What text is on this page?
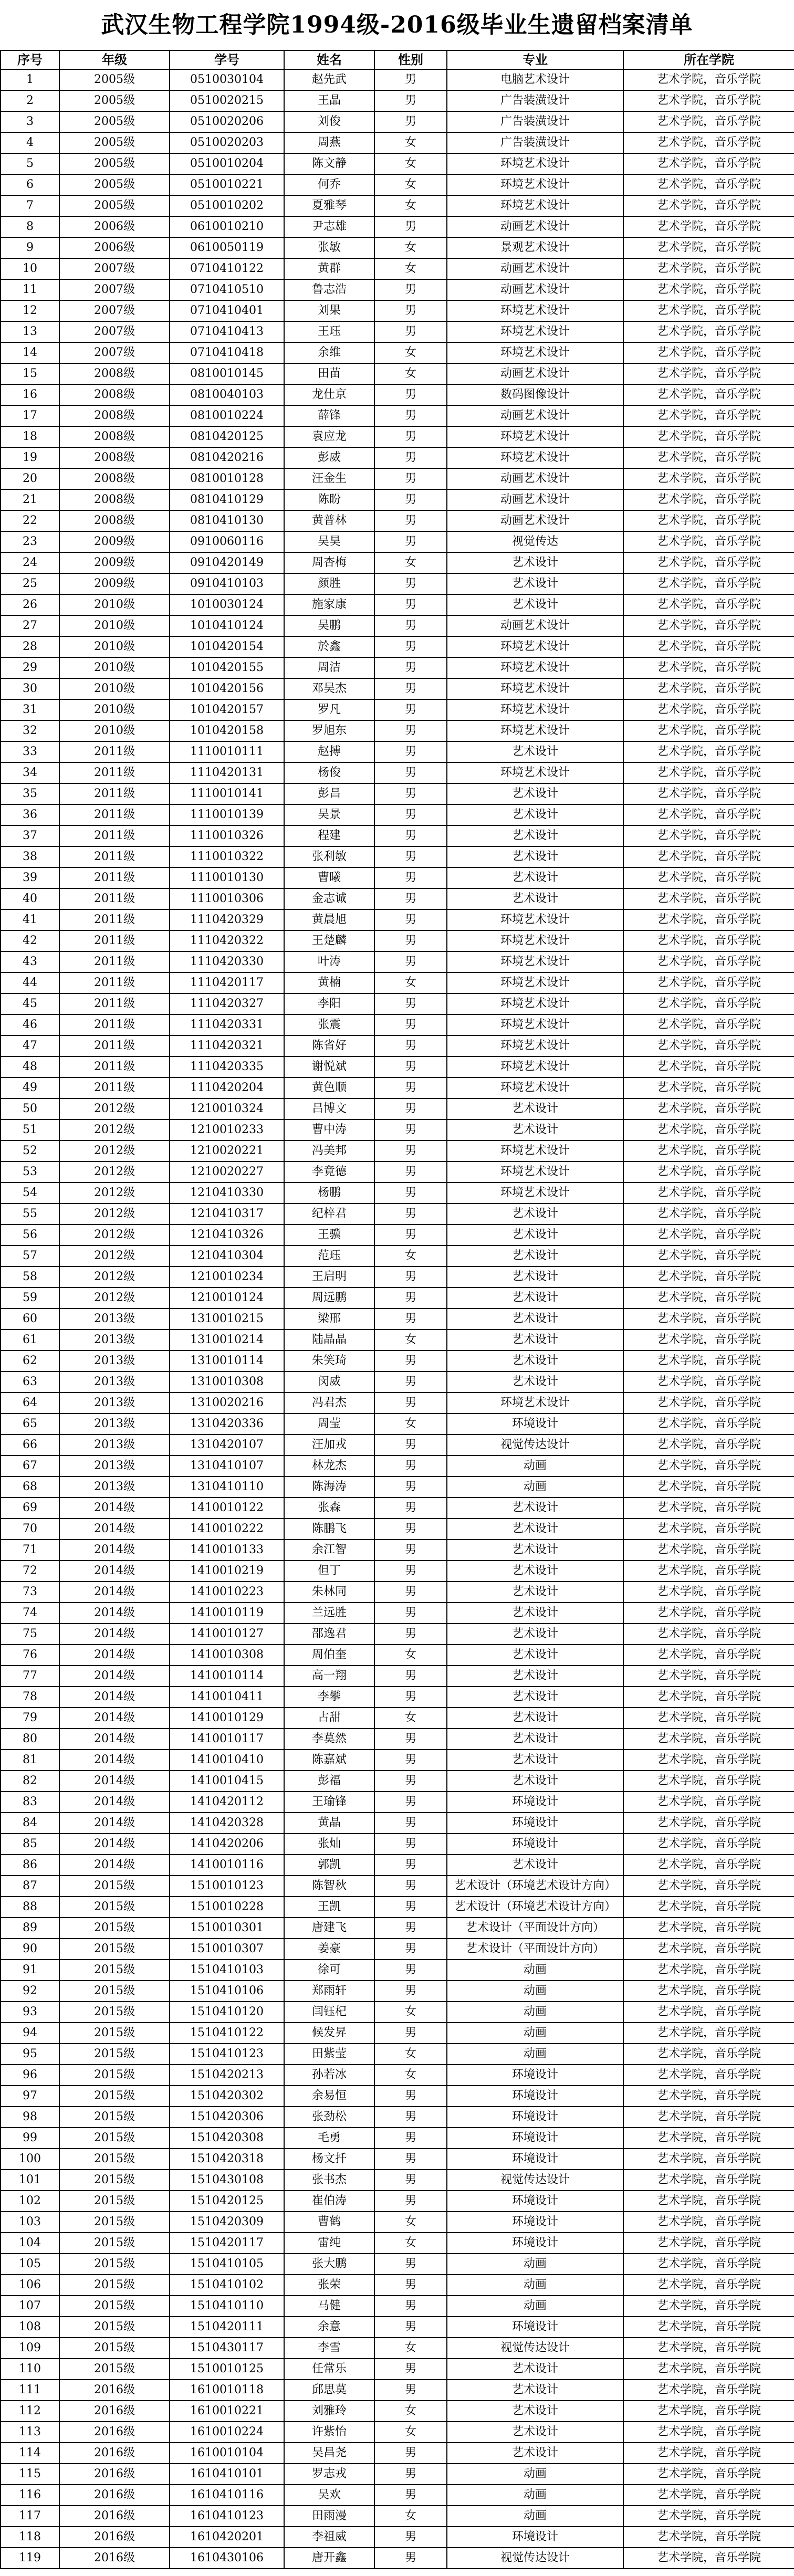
武汉生物工程学院1994级-2016级毕业生遗留档案清单
序号	年级	学号	姓名	性别	专业	所在学院
1	2005级	0510030104	赵先武	男	电脑艺术设计	艺术学院，音乐学院
2	2005级	0510020215	王晶	男	广告装潢设计	艺术学院，音乐学院
3	2005级	0510020206	刘俊	男	广告装潢设计	艺术学院，音乐学院
4	2005级	0510020203	周燕	女	广告装潢设计	艺术学院，音乐学院
5	2005级	0510010204	陈文静	女	环境艺术设计	艺术学院，音乐学院
6	2005级	0510010221	何乔	女	环境艺术设计	艺术学院，音乐学院
7	2005级	0510010202	夏雅琴	女	环境艺术设计	艺术学院，音乐学院
8	2006级	0610010210	尹志雄	男	动画艺术设计	艺术学院，音乐学院
9	2006级	0610050119	张敏	女	景观艺术设计	艺术学院，音乐学院
10	2007级	0710410122	黄群	女	动画艺术设计	艺术学院，音乐学院
11	2007级	0710410510	鲁志浩	男	动画艺术设计	艺术学院，音乐学院
12	2007级	0710410401	刘果	男	环境艺术设计	艺术学院，音乐学院
13	2007级	0710410413	王珏	男	环境艺术设计	艺术学院，音乐学院
14	2007级	0710410418	余维	女	环境艺术设计	艺术学院，音乐学院
15	2008级	0810010145	田苗	女	动画艺术设计	艺术学院，音乐学院
16	2008级	0810040103	龙仕京	男	数码图像设计	艺术学院，音乐学院
17	2008级	0810010224	薛锋	男	动画艺术设计	艺术学院，音乐学院
18	2008级	0810420125	袁应龙	男	环境艺术设计	艺术学院，音乐学院
19	2008级	0810420216	彭威	男	环境艺术设计	艺术学院，音乐学院
20	2008级	0810010128	汪金生	男	动画艺术设计	艺术学院，音乐学院
21	2008级	0810410129	陈盼	男	动画艺术设计	艺术学院，音乐学院
22	2008级	0810410130	黄普林	男	动画艺术设计	艺术学院，音乐学院
23	2009级	0910060116	吴昊	男	视觉传达	艺术学院，音乐学院
24	2009级	0910420149	周杏梅	女	艺术设计	艺术学院，音乐学院
25	2009级	0910410103	颜胜	男	艺术设计	艺术学院，音乐学院
26	2010级	1010030124	施家康	男	艺术设计	艺术学院，音乐学院
27	2010级	1010410124	吴鹏	男	动画艺术设计	艺术学院，音乐学院
28	2010级	1010420154	於鑫	男	环境艺术设计	艺术学院，音乐学院
29	2010级	1010420155	周洁	男	环境艺术设计	艺术学院，音乐学院
30	2010级	1010420156	邓吴杰	男	环境艺术设计	艺术学院，音乐学院
31	2010级	1010420157	罗凡	男	环境艺术设计	艺术学院，音乐学院
32	2010级	1010420158	罗旭东	男	环境艺术设计	艺术学院，音乐学院
33	2011级	1110010111	赵搏	男	艺术设计	艺术学院，音乐学院
34	2011级	1110420131	杨俊	男	环境艺术设计	艺术学院，音乐学院
35	2011级	1110010141	彭昌	男	艺术设计	艺术学院，音乐学院
36	2011级	1110010139	吴景	男	艺术设计	艺术学院，音乐学院
37	2011级	1110010326	程建	男	艺术设计	艺术学院，音乐学院
38	2011级	1110010322	张利敏	男	艺术设计	艺术学院，音乐学院
39	2011级	1110010130	曹曦	男	艺术设计	艺术学院，音乐学院
40	2011级	1110010306	金志诚	男	艺术设计	艺术学院，音乐学院
41	2011级	1110420329	黄晨旭	男	环境艺术设计	艺术学院，音乐学院
42	2011级	1110420322	王楚麟	男	环境艺术设计	艺术学院，音乐学院
43	2011级	1110420330	叶涛	男	环境艺术设计	艺术学院，音乐学院
44	2011级	1110420117	黄楠	女	环境艺术设计	艺术学院，音乐学院
45	2011级	1110420327	李阳	男	环境艺术设计	艺术学院，音乐学院
46	2011级	1110420331	张震	男	环境艺术设计	艺术学院，音乐学院
47	2011级	1110420321	陈省好	男	环境艺术设计	艺术学院，音乐学院
48	2011级	1110420335	谢悦斌	男	环境艺术设计	艺术学院，音乐学院
49	2011级	1110420204	黄色顺	男	环境艺术设计	艺术学院，音乐学院
50	2012级	1210010324	吕博文	男	艺术设计	艺术学院，音乐学院
51	2012级	1210010233	曹中涛	男	艺术设计	艺术学院，音乐学院
52	2012级	1210020221	冯美邦	男	环境艺术设计	艺术学院，音乐学院
53	2012级	1210020227	李竟德	男	环境艺术设计	艺术学院，音乐学院
54	2012级	1210410330	杨鹏	男	环境艺术设计	艺术学院，音乐学院
55	2012级	1210410317	纪梓君	男	艺术设计	艺术学院，音乐学院
56	2012级	1210410326	王骥	男	艺术设计	艺术学院，音乐学院
57	2012级	1210410304	范珏	女	艺术设计	艺术学院，音乐学院
58	2012级	1210010234	王启明	男	艺术设计	艺术学院，音乐学院
59	2012级	1210010124	周远鹏	男	艺术设计	艺术学院，音乐学院
60	2013级	1310010215	梁邢	男	艺术设计	艺术学院，音乐学院
61	2013级	1310010214	陆晶晶	女	艺术设计	艺术学院，音乐学院
62	2013级	1310010114	朱笑琦	男	艺术设计	艺术学院，音乐学院
63	2013级	1310010308	闵威	男	艺术设计	艺术学院，音乐学院
64	2013级	1310020216	冯君杰	男	环境艺术设计	艺术学院，音乐学院
65	2013级	1310420336	周莹	女	环境设计	艺术学院，音乐学院
66	2013级	1310420107	汪加戎	男	视觉传达设计	艺术学院，音乐学院
67	2013级	1310410107	林龙杰	男	动画	艺术学院，音乐学院
68	2013级	1310410110	陈海涛	男	动画	艺术学院，音乐学院
69	2014级	1410010122	张森	男	艺术设计	艺术学院，音乐学院
70	2014级	1410010222	陈鹏飞	男	艺术设计	艺术学院，音乐学院
71	2014级	1410010133	余江智	男	艺术设计	艺术学院，音乐学院
72	2014级	1410010219	但丁	男	艺术设计	艺术学院，音乐学院
73	2014级	1410010223	朱林同	男	艺术设计	艺术学院，音乐学院
74	2014级	1410010119	兰远胜	男	艺术设计	艺术学院，音乐学院
75	2014级	1410010127	邵逸君	男	艺术设计	艺术学院，音乐学院
76	2014级	1410010308	周伯奎	女	艺术设计	艺术学院，音乐学院
77	2014级	1410010114	高一翔	男	艺术设计	艺术学院，音乐学院
78	2014级	1410010411	李攀	男	艺术设计	艺术学院，音乐学院
79	2014级	1410010129	占甜	女	艺术设计	艺术学院，音乐学院
80	2014级	1410010117	李莫然	男	艺术设计	艺术学院，音乐学院
81	2014级	1410010410	陈嘉斌	男	艺术设计	艺术学院，音乐学院
82	2014级	1410010415	彭福	男	艺术设计	艺术学院，音乐学院
83	2014级	1410420112	王瑜锋	男	环境设计	艺术学院，音乐学院
84	2014级	1410420328	黄晶	男	环境设计	艺术学院，音乐学院
85	2014级	1410420206	张灿	男	环境设计	艺术学院，音乐学院
86	2014级	1410010116	郭凯	男	艺术设计	艺术学院，音乐学院
87	2015级	1510010123	陈智秋	男	艺术设计（环境艺术设计方向）	艺术学院，音乐学院
88	2015级	1510010228	王凯	男	艺术设计（环境艺术设计方向）	艺术学院，音乐学院
89	2015级	1510010301	唐建飞	男	艺术设计（平面设计方向）	艺术学院，音乐学院
90	2015级	1510010307	姜豪	男	艺术设计（平面设计方向）	艺术学院，音乐学院
91	2015级	1510410103	徐可	男	动画	艺术学院，音乐学院
92	2015级	1510410106	郑雨轩	男	动画	艺术学院，音乐学院
93	2015级	1510410120	闫钰杞	女	动画	艺术学院，音乐学院
94	2015级	1510410122	候发昇	男	动画	艺术学院，音乐学院
95	2015级	1510410123	田紫莹	女	动画	艺术学院，音乐学院
96	2015级	1510420213	孙若冰	女	环境设计	艺术学院，音乐学院
97	2015级	1510420302	余易恒	男	环境设计	艺术学院，音乐学院
98	2015级	1510420306	张劲松	男	环境设计	艺术学院，音乐学院
99	2015级	1510420308	毛勇	男	环境设计	艺术学院，音乐学院
100	2015级	1510420318	杨文扦	男	环境设计	艺术学院，音乐学院
101	2015级	1510430108	张书杰	男	视觉传达设计	艺术学院，音乐学院
102	2015级	1510420125	崔伯涛	男	环境设计	艺术学院，音乐学院
103	2015级	1510420309	曹鹤	女	环境设计	艺术学院，音乐学院
104	2015级	1510420117	雷纯	女	环境设计	艺术学院，音乐学院
105	2015级	1510410105	张大鹏	男	动画	艺术学院，音乐学院
106	2015级	1510410102	张荣	男	动画	艺术学院，音乐学院
107	2015级	1510410110	马健	男	动画	艺术学院，音乐学院
108	2015级	1510420111	余意	男	环境设计	艺术学院，音乐学院
109	2015级	1510430117	李雪	女	视觉传达设计	艺术学院，音乐学院
110	2015级	1510010125	任常乐	男	艺术设计	艺术学院，音乐学院
111	2016级	1610010118	邱思莫	男	艺术设计	艺术学院，音乐学院
112	2016级	1610010221	刘雅玲	女	艺术设计	艺术学院，音乐学院
113	2016级	1610010224	许紫怡	女	艺术设计	艺术学院，音乐学院
114	2016级	1610010104	吴昌尧	男	艺术设计	艺术学院，音乐学院
115	2016级	1610410101	罗志戎	男	动画	艺术学院，音乐学院
116	2016级	1610410116	吴欢	男	动画	艺术学院，音乐学院
117	2016级	1610410123	田雨漫	女	动画	艺术学院，音乐学院
118	2016级	1610420201	李祖威	男	环境设计	艺术学院，音乐学院
119	2016级	1610430106	唐开鑫	男	视觉传达设计	艺术学院，音乐学院
